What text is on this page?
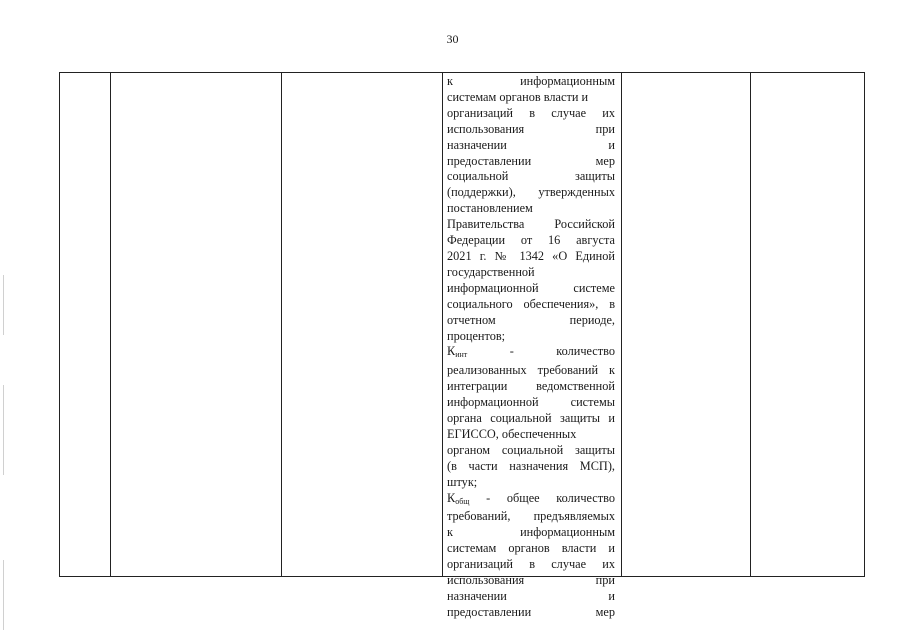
30

к информационным

системам органов власти и

организаций в случае их

использования при

назначении и

предоставлении мер

социальной защиты

(поддержки), утвержденных

постановлением

Правительства Российской

Федерации от 16 августа

2021 г. № 1342 «О Единой

государственной

информационной системе

социального обеспечения», в

отчетном периоде,

процентов;

$К_{инт}$	- количество

реализованных требований к

интеграции ведомственной

информационной системы

органа социальной защиты и

ЕГИССО, обеспеченных

органом социальной защиты

(в части назначения МСП),

штук;

$К_{общ}$ - общее количество

требований, предъявляемых

к информационным

системам органов власти и

организаций в случае их

использования при

назначении и

предоставлении мер
